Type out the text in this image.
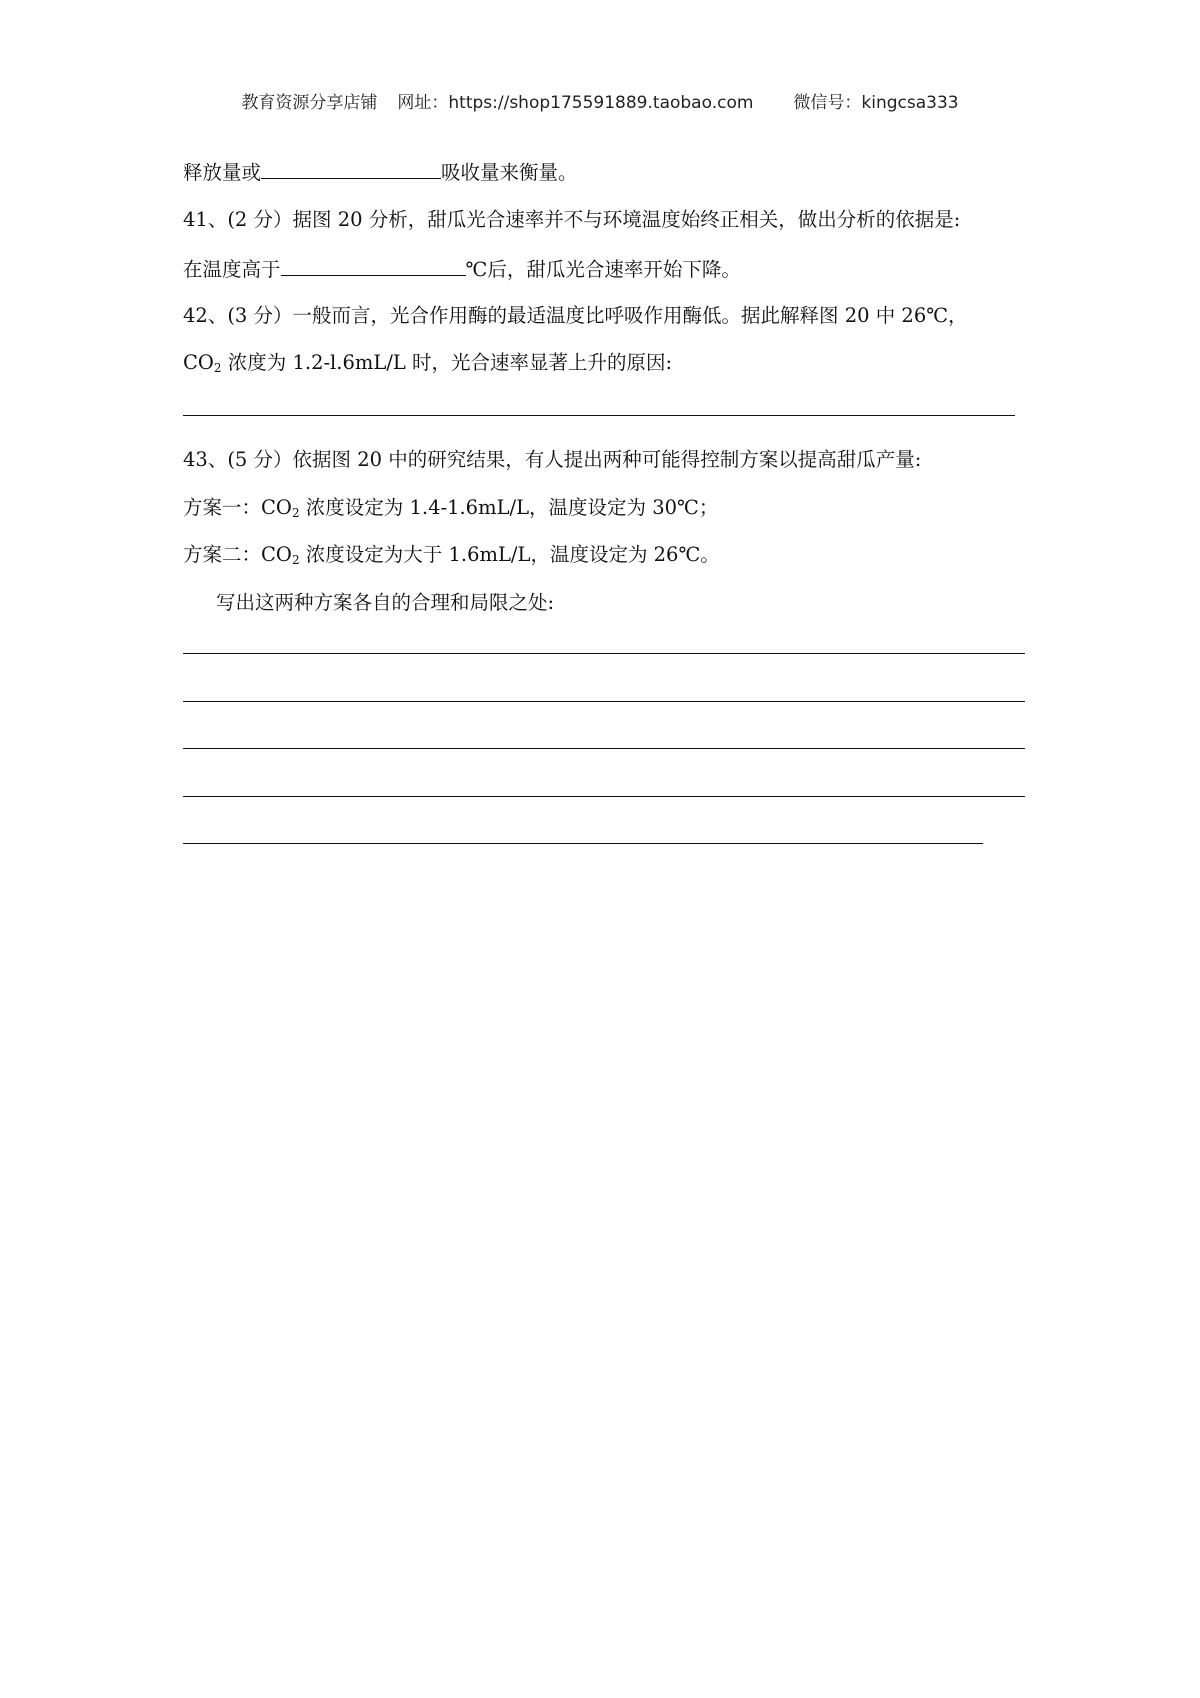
教育资源分享店铺 网址：https://shop175591889.taobao.com 微信号：kingcsa333
释放量或	吸收量来衡量。
41、(2 分）据图 20 分析，甜瓜光合速率并不与环境温度始终正相关，做出分析的依据是:
在温度高于	℃后，甜瓜光合速率开始下降。
42、(3 分）一般而言，光合作用酶的最适温度比呼吸作用酶低。据此解释图 20 中 26℃，
$CO_2$ 浓度为 1.2-l.6mL/L 时，光合速率显著上升的原因:
43、(5 分）依据图 20 中的研究结果，有人提出两种可能得控制方案以提高甜瓜产量:
方案一：$CO_2$ 浓度设定为 1.4-1.6mL/L，温度设定为 30℃；
方案二：$CO_2$ 浓度设定为大于 1.6mL/L，温度设定为 26℃。
写出这两种方案各自的合理和局限之处:
